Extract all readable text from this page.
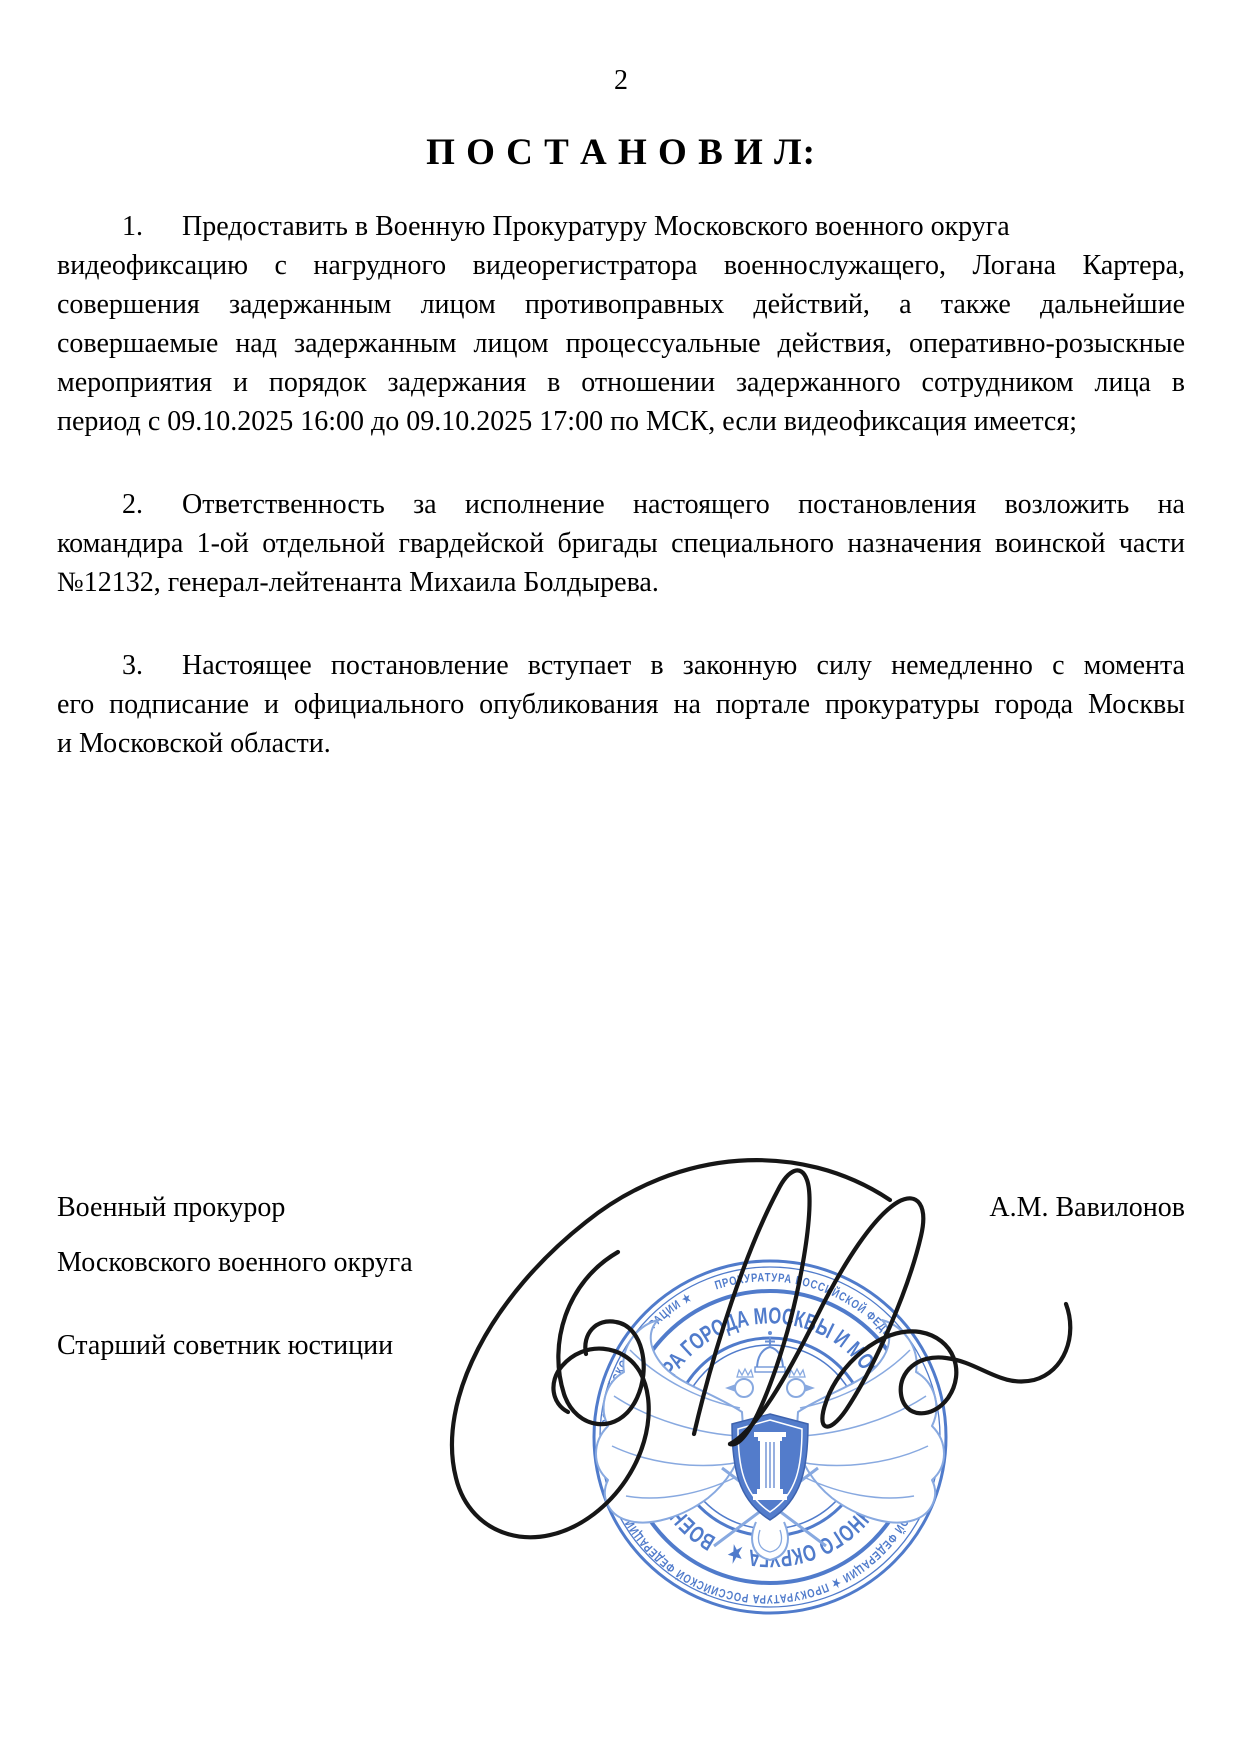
2
П О С Т А Н О В И Л:
1. Предоставить в Военную Прокуратуру Московского военного округа
видеофиксацию с нагрудного видеорегистратора военнослужащего, Логана Картера,
совершения задержанным лицом противоправных действий, а также дальнейшие
совершаемые над задержанным лицом процессуальные действия, оперативно-розыскные
мероприятия и порядок задержания в отношении задержанного сотрудником лица в
период с 09.10.2025 16:00 до 09.10.2025 17:00 по МСК, если видеофиксация имеется;
2. Ответственность за исполнение настоящего постановления возложить на
командира 1-ой отдельной гвардейской бригады специального назначения воинской части
№12132, генерал-лейтенанта Михаила Болдырева.
3. Настоящее постановление вступает в законную силу немедленно с момента
его подписание и официального опубликования на портале прокуратуры города Москвы
и Московской области.
Военный прокурор	А.М. Вавилонов
Московского военного округа
Старший советник юстиции
ПРОКУРАТУРА РОССИЙСКОЙ ФЕДЕРАЦИИ ★ ПРОКУРАТУРА РОССИЙСКОЙ ФЕДЕРАЦИИ ★ ПРОКУРАТУРА РОССИЙСКОЙ ФЕДЕРАЦИИ ★ ПРОКУРАТУРА РОССИЙСКОЙ ФЕДЕРАЦИИ ★
ВОЕННАЯ ПРОКУРАТУРА ГОРОДА МОСКВЫ И МОСКОВСКОГО ВОЕННОГО ОКРУГА ★
